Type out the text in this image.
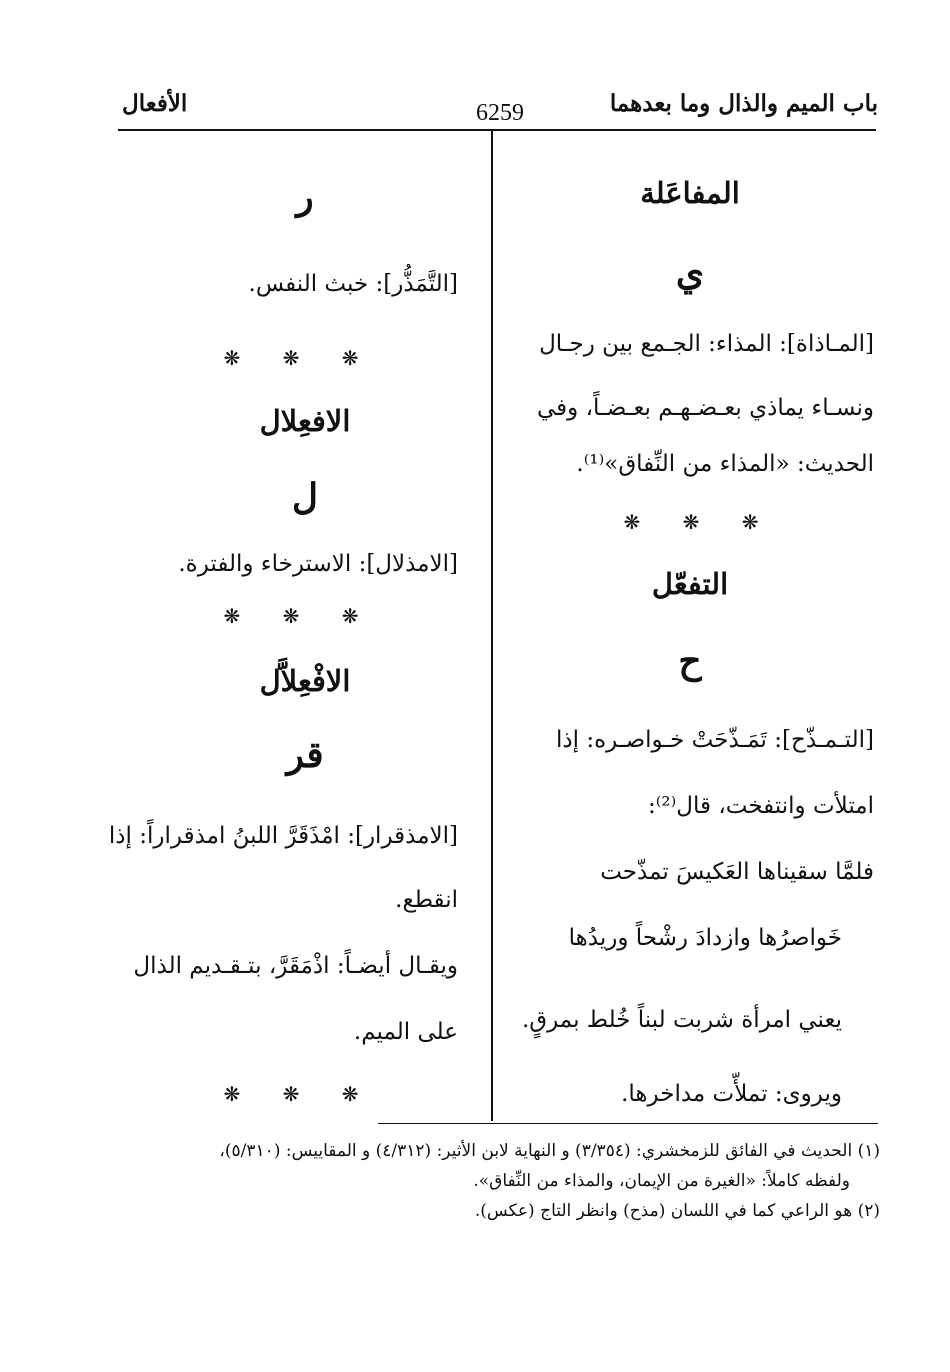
باب الميم والذال وما بعدهما
6259
الأفعال
المفاعَلة
ي
[المـاذاة]: المذاء: الجـمع بين رجـال
ونسـاء يماذي بعـضـهـم بعـضـاً، وفي
الحديث: «المذاء من النِّفاق»⁽¹⁾.
❋ ❋ ❋
التفعّل
ح
[التـمـذّح]: تَمَـذّحَتْ خـواصـره: إذا
امتلأت وانتفخت، قال⁽²⁾:
فلمَّا سقيناها العَكيسَ تمذّحت
خَواصرُها وازدادَ رشْحاً وريدُها
يعني امرأة شربت لبناً خُلط بمرقٍ.
ويروى: تملأّت مداخرها.
ر
[التَّمَذُّر]: خبث النفس.
❋ ❋ ❋
الافعِلال
ل
[الامذلال]: الاسترخاء والفترة.
❋ ❋ ❋
الافْعِلاَّل
قر
[الامذقرار]: امْذَقَرَّ اللبنُ امذقراراً: إذا
انقطع.
ويقـال أيضـاً: اذْمَقَرَّ، بتـقـديم الذال
على الميم.
❋ ❋ ❋
(١) الحديث في الفائق للزمخشري: (٣/٣٥٤) و النهاية لابن الأثير: (٤/٣١٢) و المقاييس: (٥/٣١٠)،
ولفظه كاملاً: «الغيرة من الإيمان، والمذاء من النِّفاق».
(٢) هو الراعي كما في اللسان (مذح) وانظر التاج (عكس).
